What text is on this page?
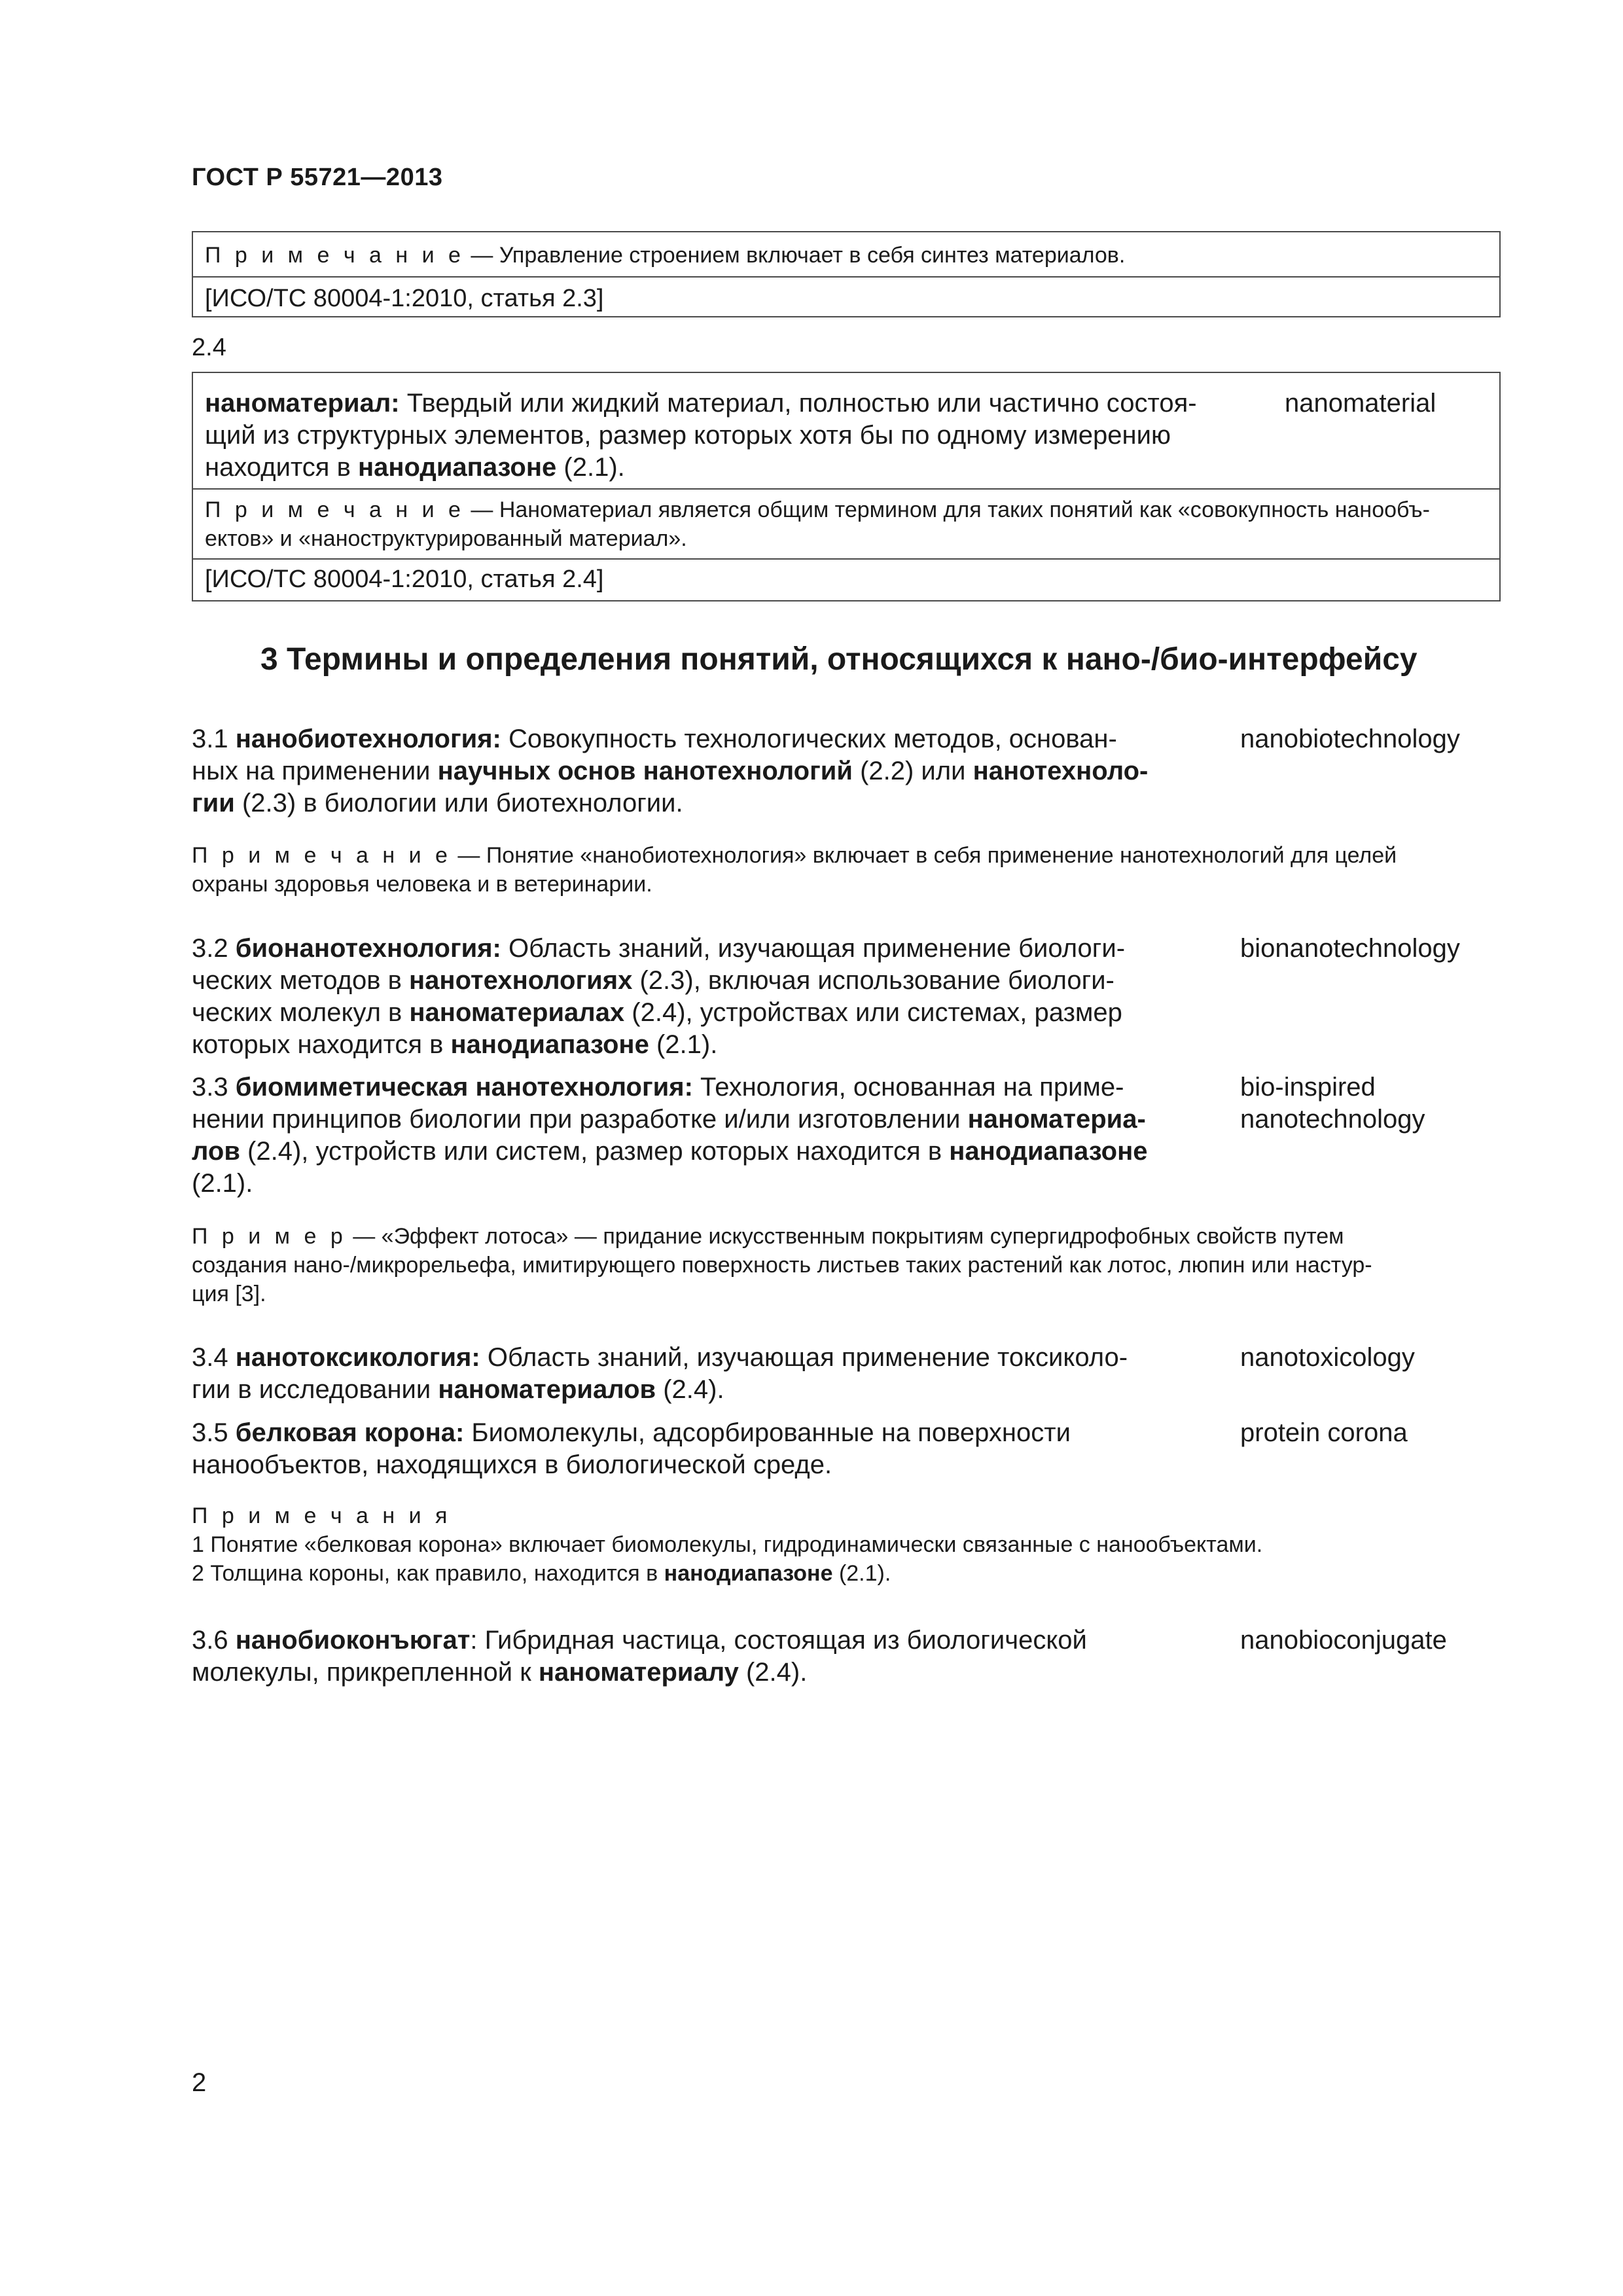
ГОСТ Р 55721—2013
П р и м е ч а н и е — Управление строением включает в себя синтез материалов.
[ИСО/ТС 80004-1:2010, статья 2.3]
2.4
наноматериал: Твердый или жидкий материал, полностью или частично состоя-
щий из структурных элементов, размер которых хотя бы по одному измерению
находится в нанодиапазоне (2.1).
nanomaterial
П р и м е ч а н и е — Наноматериал является общим термином для таких понятий как «совокупность нанообъ-
ектов» и «наноструктурированный материал».
[ИСО/ТС 80004-1:2010, статья 2.4]
3 Термины и определения понятий, относящихся к нано-/био-интерфейсу
3.1 нанобиотехнология: Совокупность технологических методов, основан-
ных на применении научных основ нанотехнологий (2.2) или нанотехноло-
гии (2.3) в биологии или биотехнологии.
nanobiotechnology
П р и м е ч а н и е — Понятие «нанобиотехнология» включает в себя применение нанотехнологий для целей
охраны здоровья человека и в ветеринарии.
3.2 бионанотехнология: Область знаний, изучающая применение биологи-
ческих методов в нанотехнологиях (2.3), включая использование биологи-
ческих молекул в наноматериалах (2.4), устройствах или системах, размер
которых находится в нанодиапазоне (2.1).
bionanotechnology
3.3 биомиметическая нанотехнология: Технология, основанная на приме-
нении принципов биологии при разработке и/или изготовлении наноматериа-
лов (2.4), устройств или систем, размер которых находится в нанодиапазоне
(2.1).
bio-inspired
nanotechnology
П р и м е р — «Эффект лотоса» — придание искусственным покрытиям супергидрофобных свойств путем
создания нано-/микрорельефа, имитирующего поверхность листьев таких растений как лотос, люпин или настур-
ция [3].
3.4 нанотоксикология: Область знаний, изучающая применение токсиколо-
гии в исследовании наноматериалов (2.4).
nanotoxicology
3.5 белковая корона: Биомолекулы, адсорбированные на поверхности
нанообъектов, находящихся в биологической среде.
protein corona
П р и м е ч а н и я
1 Понятие «белковая корона» включает биомолекулы, гидродинамически связанные с нанообъектами.
2 Толщина короны, как правило, находится в нанодиапазоне (2.1).
3.6 нанобиоконъюгат: Гибридная частица, состоящая из биологической
молекулы, прикрепленной к наноматериалу (2.4).
nanobioconjugate
2
